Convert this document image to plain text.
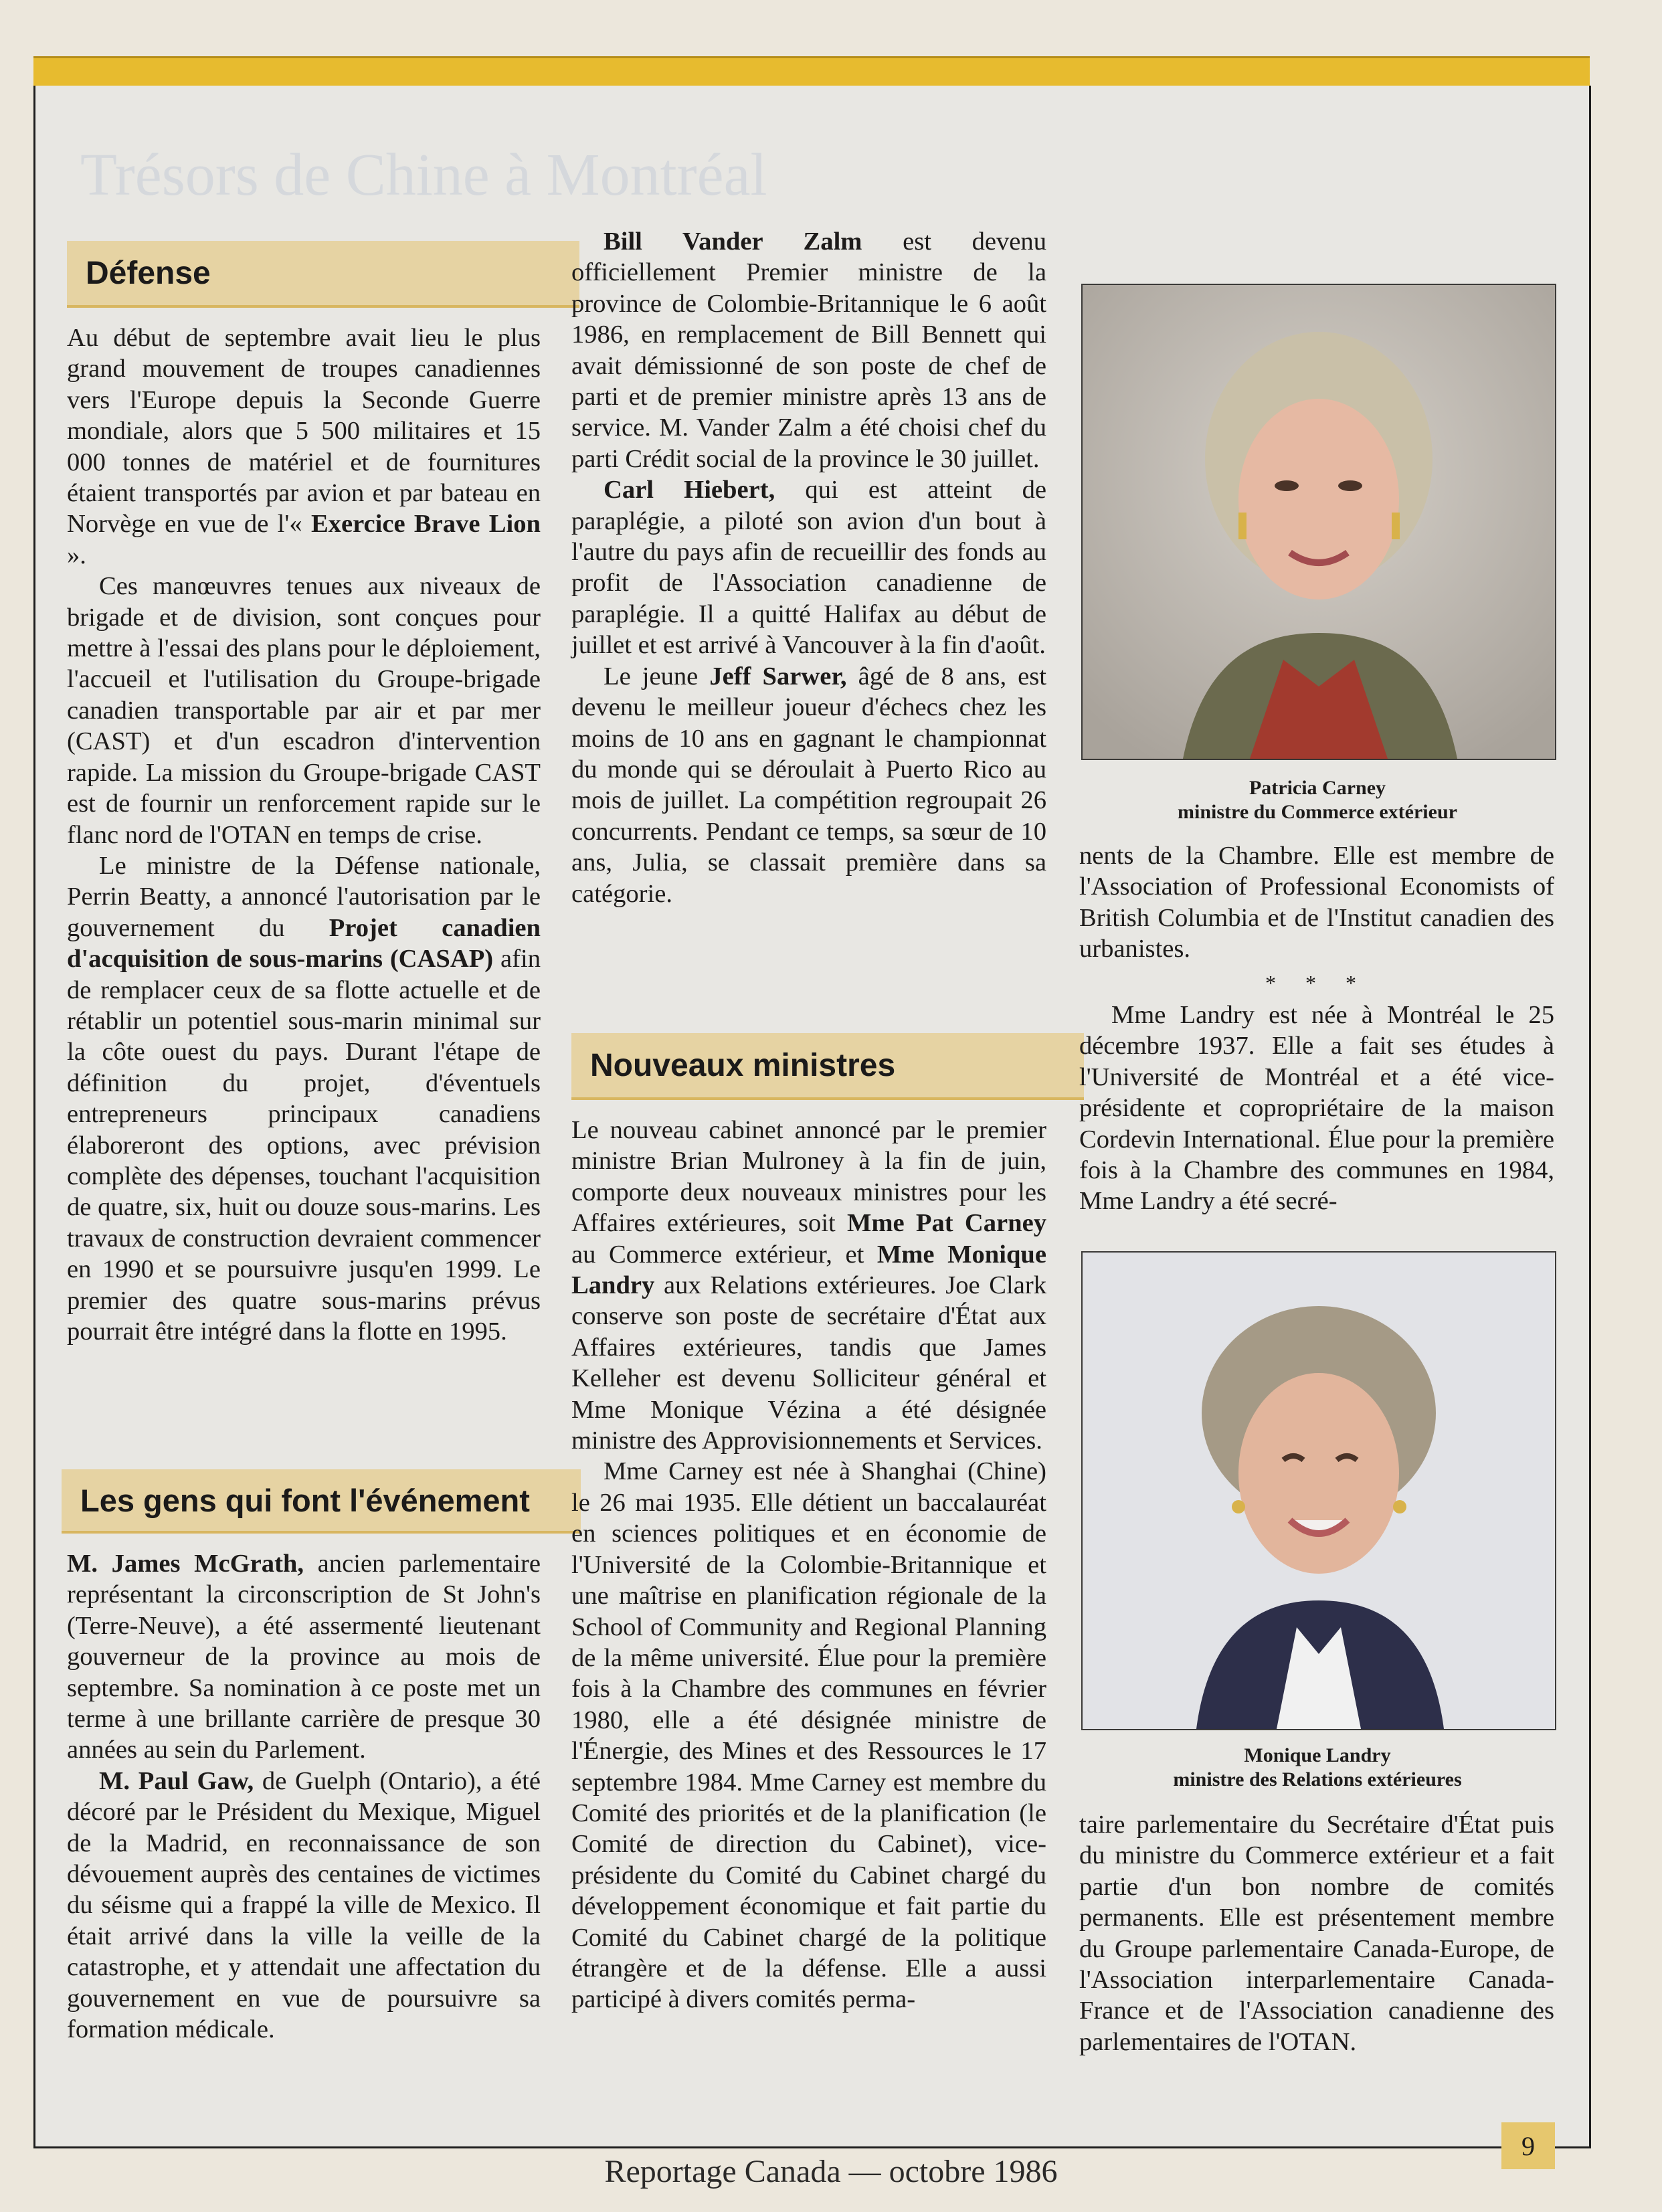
Trésors de Chine à Montréal
Défense

Au début de septembre avait lieu le plus grand mouvement de troupes canadiennes vers l'Europe depuis la Seconde Guerre mondiale, alors que 5 500 militaires et 15 000 tonnes de matériel et de fournitures étaient transportés par avion et par bateau en Norvège en vue de l'« Exercice Brave Lion ».

Ces manœuvres tenues aux niveaux de brigade et de division, sont conçues pour mettre à l'essai des plans pour le déploiement, l'accueil et l'utilisation du Groupe-brigade canadien transportable par air et par mer (CAST) et d'un escadron d'intervention rapide. La mission du Groupe-brigade CAST est de fournir un renforcement rapide sur le flanc nord de l'OTAN en temps de crise.

Le ministre de la Défense nationale, Perrin Beatty, a annoncé l'autorisation par le gouvernement du Projet canadien d'acquisition de sous-marins (CASAP) afin de remplacer ceux de sa flotte actuelle et de rétablir un potentiel sous-marin minimal sur la côte ouest du pays. Durant l'étape de définition du projet, d'éventuels entrepreneurs principaux canadiens élaboreront des options, avec prévision complète des dépenses, touchant l'acquisition de quatre, six, huit ou douze sous-marins. Les travaux de construction devraient commencer en 1990 et se poursuivre jusqu'en 1999. Le premier des quatre sous-marins prévus pourrait être intégré dans la flotte en 1995.

Les gens qui font l'événement

M. James McGrath, ancien parlementaire représentant la circonscription de St John's (Terre-Neuve), a été assermenté lieutenant gouverneur de la province au mois de septembre. Sa nomination à ce poste met un terme à une brillante carrière de presque 30 années au sein du Parlement.

M. Paul Gaw, de Guelph (Ontario), a été décoré par le Président du Mexique, Miguel de la Madrid, en reconnaissance de son dévouement auprès des centaines de victimes du séisme qui a frappé la ville de Mexico. Il était arrivé dans la ville la veille de la catastrophe, et y attendait une affectation du gouvernement en vue de poursuivre sa formation médicale.

Bill Vander Zalm est devenu officiellement Premier ministre de la province de Colombie-Britannique le 6 août 1986, en remplacement de Bill Bennett qui avait démissionné de son poste de chef de parti et de premier ministre après 13 ans de service. M. Vander Zalm a été choisi chef du parti Crédit social de la province le 30 juillet.

Carl Hiebert, qui est atteint de paraplégie, a piloté son avion d'un bout à l'autre du pays afin de recueillir des fonds au profit de l'Association canadienne de paraplégie. Il a quitté Halifax au début de juillet et est arrivé à Vancouver à la fin d'août.

Le jeune Jeff Sarwer, âgé de 8 ans, est devenu le meilleur joueur d'échecs chez les moins de 10 ans en gagnant le championnat du monde qui se déroulait à Puerto Rico au mois de juillet. La compétition regroupait 26 concurrents. Pendant ce temps, sa sœur de 10 ans, Julia, se classait première dans sa catégorie.

Nouveaux ministres

Le nouveau cabinet annoncé par le premier ministre Brian Mulroney à la fin de juin, comporte deux nouveaux ministres pour les Affaires extérieures, soit Mme Pat Carney au Commerce extérieur, et Mme Monique Landry aux Relations extérieures. Joe Clark conserve son poste de secrétaire d'État aux Affaires extérieures, tandis que James Kelleher est devenu Solliciteur général et Mme Monique Vézina a été désignée ministre des Approvisionnements et Services.

Mme Carney est née à Shanghai (Chine) le 26 mai 1935. Elle détient un baccalauréat en sciences politiques et en économie de l'Université de la Colombie-Britannique et une maîtrise en planification régionale de la School of Community and Regional Planning de la même université. Élue pour la première fois à la Chambre des communes en février 1980, elle a été désignée ministre de l'Énergie, des Mines et des Ressources le 17 septembre 1984. Mme Carney est membre du Comité des priorités et de la planification (le Comité de direction du Cabinet), vice-présidente du Comité du Cabinet chargé du développement économique et fait partie du Comité du Cabinet chargé de la politique étrangère et de la défense. Elle a aussi participé à divers comités perma-

Patricia Carney
ministre du Commerce extérieur

nents de la Chambre. Elle est membre de l'Association of Professional Economists of British Columbia et de l'Institut canadien des urbanistes.

* * *

Mme Landry est née à Montréal le 25 décembre 1937. Elle a fait ses études à l'Université de Montréal et a été vice-présidente et copropriétaire de la maison Cordevin International. Élue pour la première fois à la Chambre des communes en 1984, Mme Landry a été secré-

Monique Landry
ministre des Relations extérieures

taire parlementaire du Secrétaire d'État puis du ministre du Commerce extérieur et a fait partie d'un bon nombre de comités permanents. Elle est présentement membre du Groupe parlementaire Canada-Europe, de l'Association interparlementaire Canada-France et de l'Association canadienne des parlementaires de l'OTAN.

9
Reportage Canada — octobre 1986
